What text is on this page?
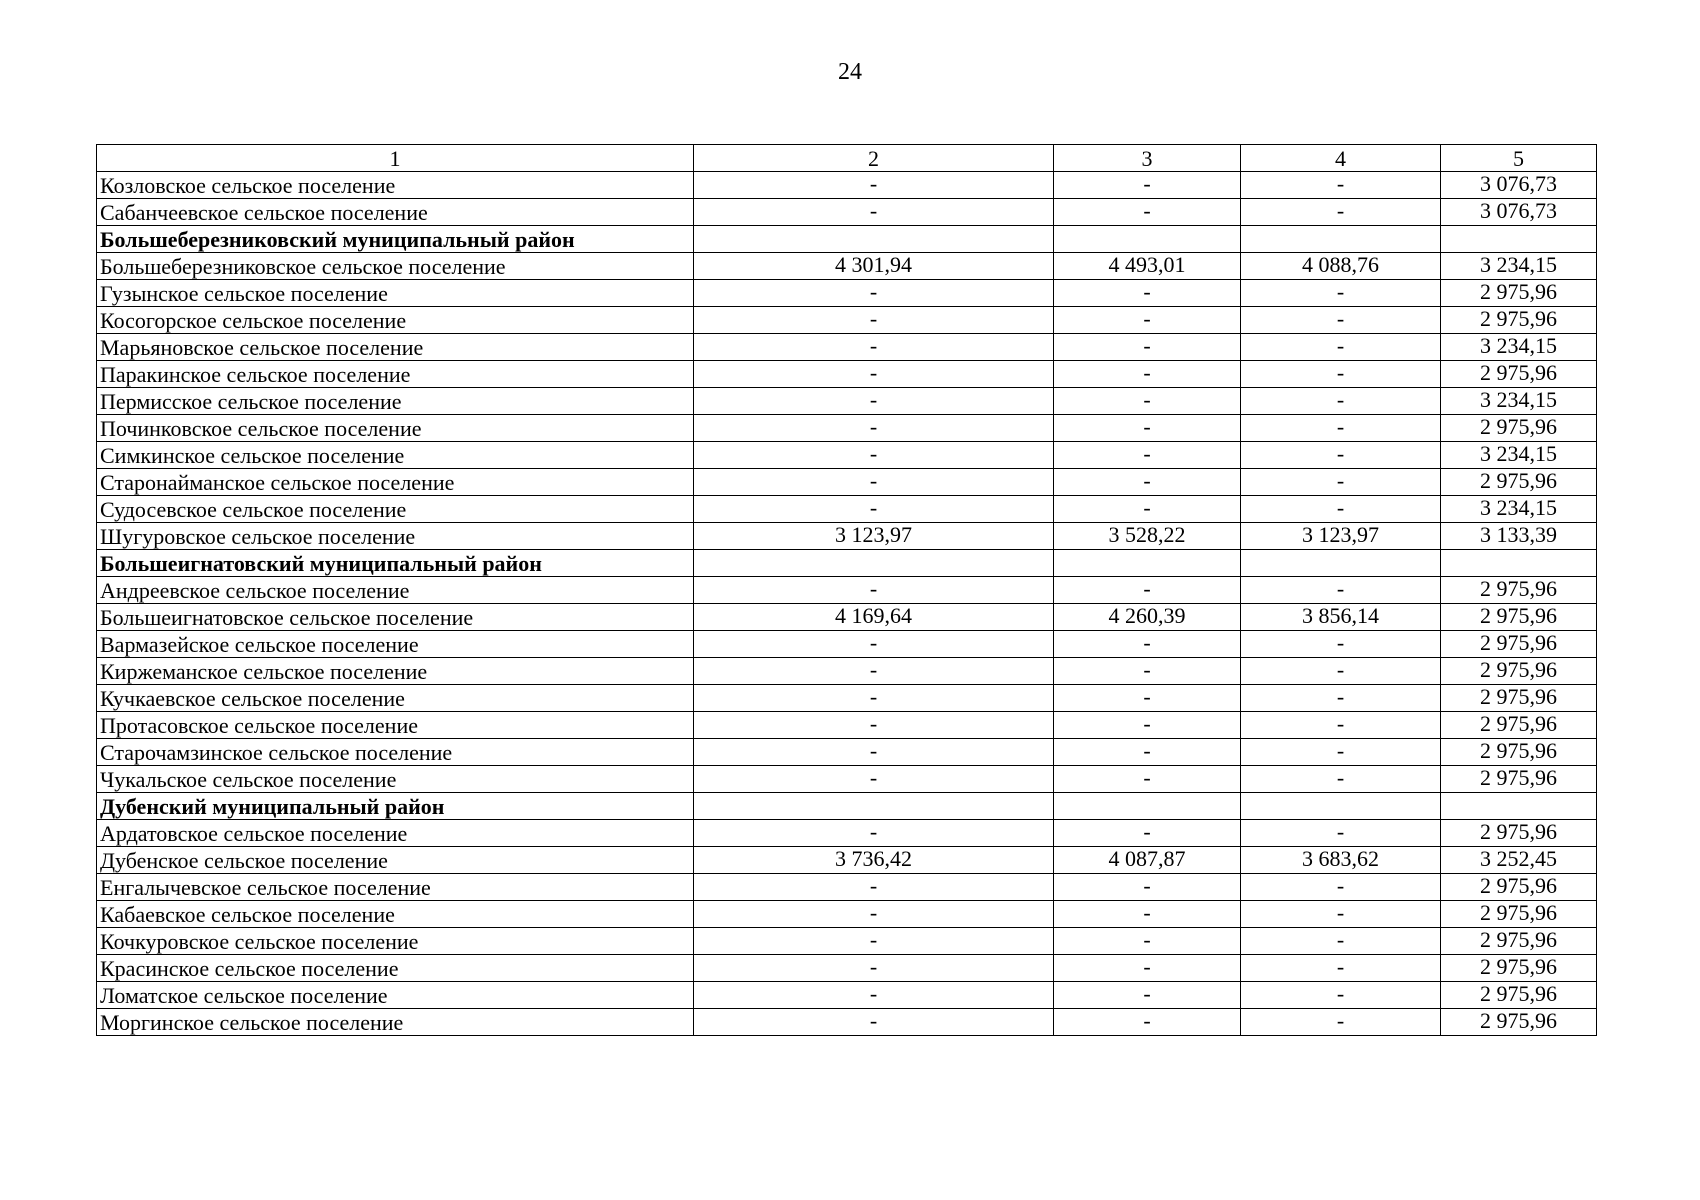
24
1	2	3	4	5
Козловское сельское поселение	-	-	-	3 076,73
Сабанчеевское сельское поселение	-	-	-	3 076,73
Большеберезниковский муниципальный район				
Большеберезниковское сельское поселение	4 301,94	4 493,01	4 088,76	3 234,15
Гузынское сельское поселение	-	-	-	2 975,96
Косогорское сельское поселение	-	-	-	2 975,96
Марьяновское сельское поселение	-	-	-	3 234,15
Паракинское сельское поселение	-	-	-	2 975,96
Пермисское сельское поселение	-	-	-	3 234,15
Починковское сельское поселение	-	-	-	2 975,96
Симкинское сельское поселение	-	-	-	3 234,15
Старонайманское сельское поселение	-	-	-	2 975,96
Судосевское сельское поселение	-	-	-	3 234,15
Шугуровское сельское поселение	3 123,97	3 528,22	3 123,97	3 133,39
Большеигнатовский муниципальный район				
Андреевское сельское поселение	-	-	-	2 975,96
Большеигнатовское сельское поселение	4 169,64	4 260,39	3 856,14	2 975,96
Вармазейское сельское поселение	-	-	-	2 975,96
Киржеманское сельское поселение	-	-	-	2 975,96
Кучкаевское сельское поселение	-	-	-	2 975,96
Протасовское сельское поселение	-	-	-	2 975,96
Старочамзинское сельское поселение	-	-	-	2 975,96
Чукальское сельское поселение	-	-	-	2 975,96
Дубенский муниципальный район				
Ардатовское сельское поселение	-	-	-	2 975,96
Дубенское сельское поселение	3 736,42	4 087,87	3 683,62	3 252,45
Енгалычевское сельское поселение	-	-	-	2 975,96
Кабаевское сельское поселение	-	-	-	2 975,96
Кочкуровское сельское поселение	-	-	-	2 975,96
Красинское сельское поселение	-	-	-	2 975,96
Ломатское сельское поселение	-	-	-	2 975,96
Моргинское сельское поселение	-	-	-	2 975,96
